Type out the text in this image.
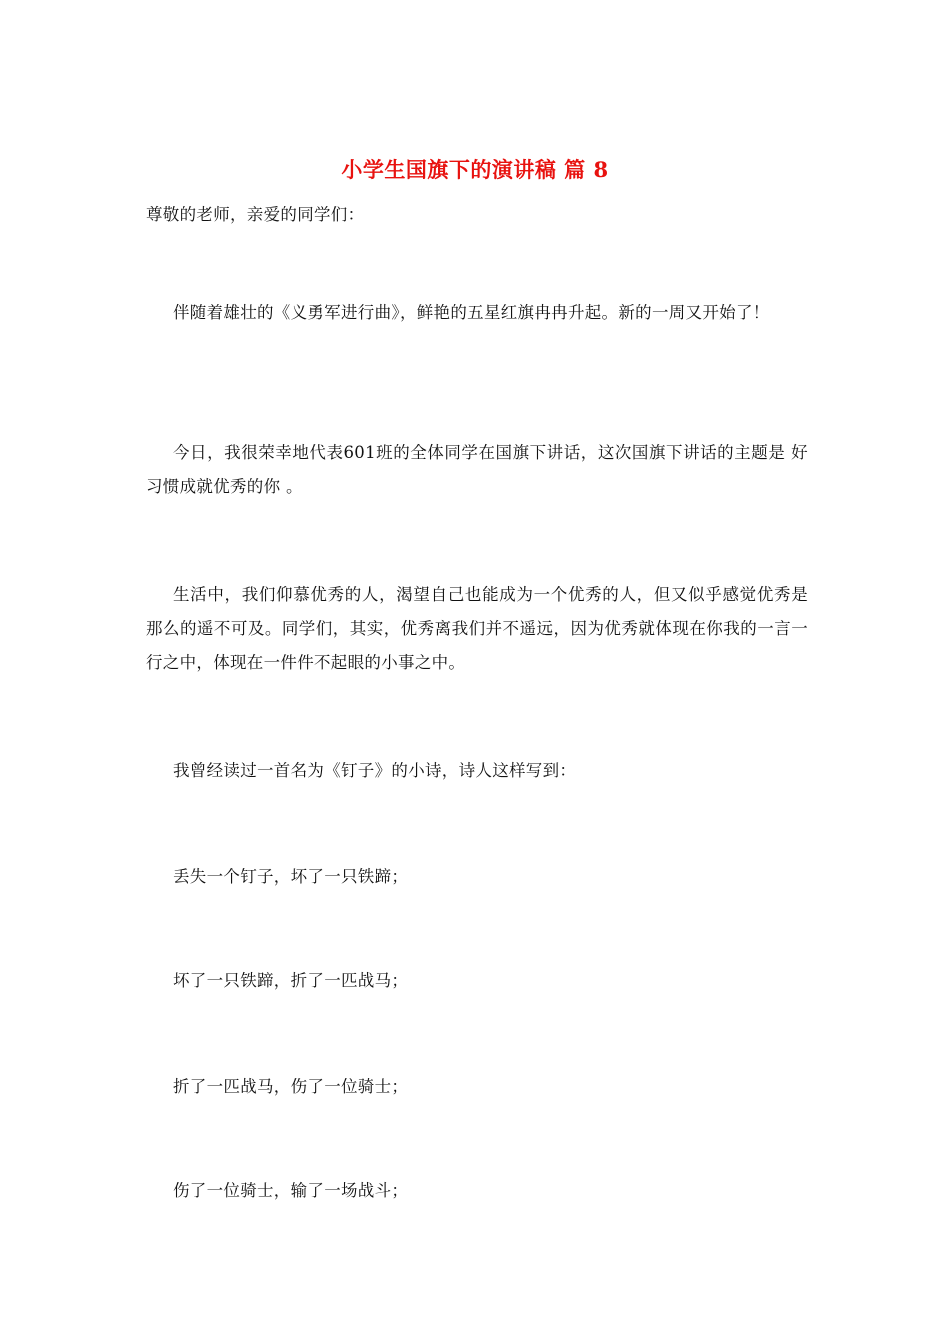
小学生国旗下的演讲稿 篇 8
尊敬的老师，亲爱的同学们：
伴随着雄壮的《义勇军进行曲》，鲜艳的五星红旗冉冉升起。新的一周又开始了！
今日，我很荣幸地代表601班的全体同学在国旗下讲话，这次国旗下讲话的主题是 好习惯成就优秀的你 。
生活中，我们仰慕优秀的人，渴望自己也能成为一个优秀的人，但又似乎感觉优秀是那么的遥不可及。同学们，其实，优秀离我们并不遥远，因为优秀就体现在你我的一言一行之中，体现在一件件不起眼的小事之中。
我曾经读过一首名为《钉子》的小诗，诗人这样写到：
丢失一个钉子，坏了一只铁蹄；
坏了一只铁蹄，折了一匹战马；
折了一匹战马，伤了一位骑士；
伤了一位骑士，输了一场战斗；
